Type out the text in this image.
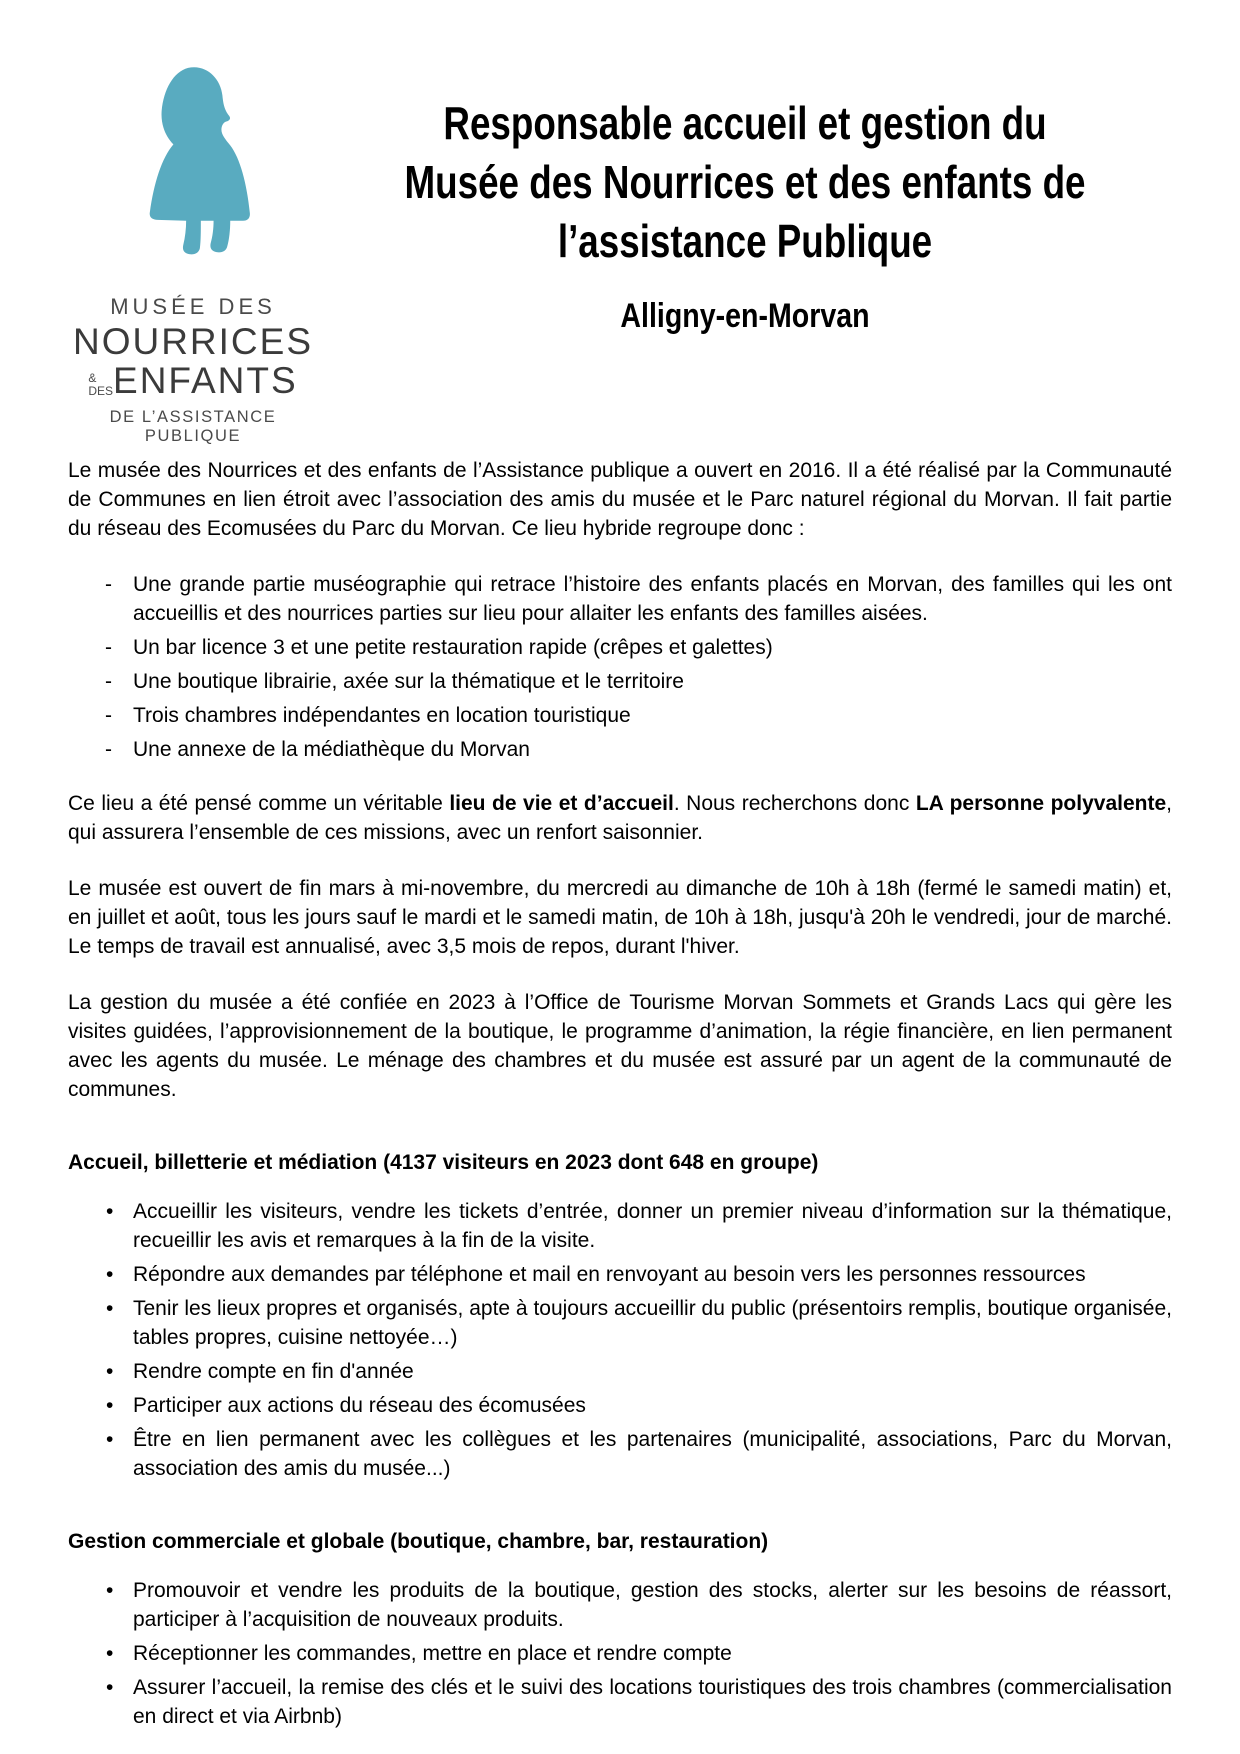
MUSÉE DES
NOURRICES
&
DES ENFANTS
DE L’ASSISTANCE PUBLIQUE
Responsable accueil et gestion du
Musée des Nourrices et des enfants de
l’assistance Publique
Alligny-en-Morvan

Le musée des Nourrices et des enfants de l’Assistance publique a ouvert en 2016. Il a été réalisé par la Communauté de Communes en lien étroit avec l’association des amis du musée et le Parc naturel régional du Morvan. Il fait partie du réseau des Ecomusées du Parc du Morvan. Ce lieu hybride regroupe donc :

- Une grande partie muséographie qui retrace l’histoire des enfants placés en Morvan, des familles qui les ont accueillis et des nourrices parties sur lieu pour allaiter les enfants des familles aisées.
- Un bar licence 3 et une petite restauration rapide (crêpes et galettes)
- Une boutique librairie, axée sur la thématique et le territoire
- Trois chambres indépendantes en location touristique
- Une annexe de la médiathèque du Morvan

Ce lieu a été pensé comme un véritable lieu de vie et d’accueil. Nous recherchons donc LA personne polyvalente, qui assurera l’ensemble de ces missions, avec un renfort saisonnier.

Le musée est ouvert de fin mars à mi-novembre, du mercredi au dimanche de 10h à 18h (fermé le samedi matin) et, en juillet et août, tous les jours sauf le mardi et le samedi matin, de 10h à 18h, jusqu'à 20h le vendredi, jour de marché. Le temps de travail est annualisé, avec 3,5 mois de repos, durant l'hiver.

La gestion du musée a été confiée en 2023 à l’Office de Tourisme Morvan Sommets et Grands Lacs qui gère les visites guidées, l’approvisionnement de la boutique, le programme d’animation, la régie financière, en lien permanent avec les agents du musée. Le ménage des chambres et du musée est assuré par un agent de la communauté de communes.

Accueil, billetterie et médiation (4137 visiteurs en 2023 dont 648 en groupe)
• Accueillir les visiteurs, vendre les tickets d’entrée, donner un premier niveau d’information sur la thématique, recueillir les avis et remarques à la fin de la visite.
• Répondre aux demandes par téléphone et mail en renvoyant au besoin vers les personnes ressources
• Tenir les lieux propres et organisés, apte à toujours accueillir du public (présentoirs remplis, boutique organisée, tables propres, cuisine nettoyée…)
• Rendre compte en fin d'année
• Participer aux actions du réseau des écomusées
• Être en lien permanent avec les collègues et les partenaires (municipalité, associations, Parc du Morvan, association des amis du musée...)
Gestion commerciale et globale (boutique, chambre, bar, restauration)
• Promouvoir et vendre les produits de la boutique, gestion des stocks, alerter sur les besoins de réassort, participer à l’acquisition de nouveaux produits.
• Réceptionner les commandes, mettre en place et rendre compte
• Assurer l’accueil, la remise des clés et le suivi des locations touristiques des trois chambres (commercialisation en direct et via Airbnb)
